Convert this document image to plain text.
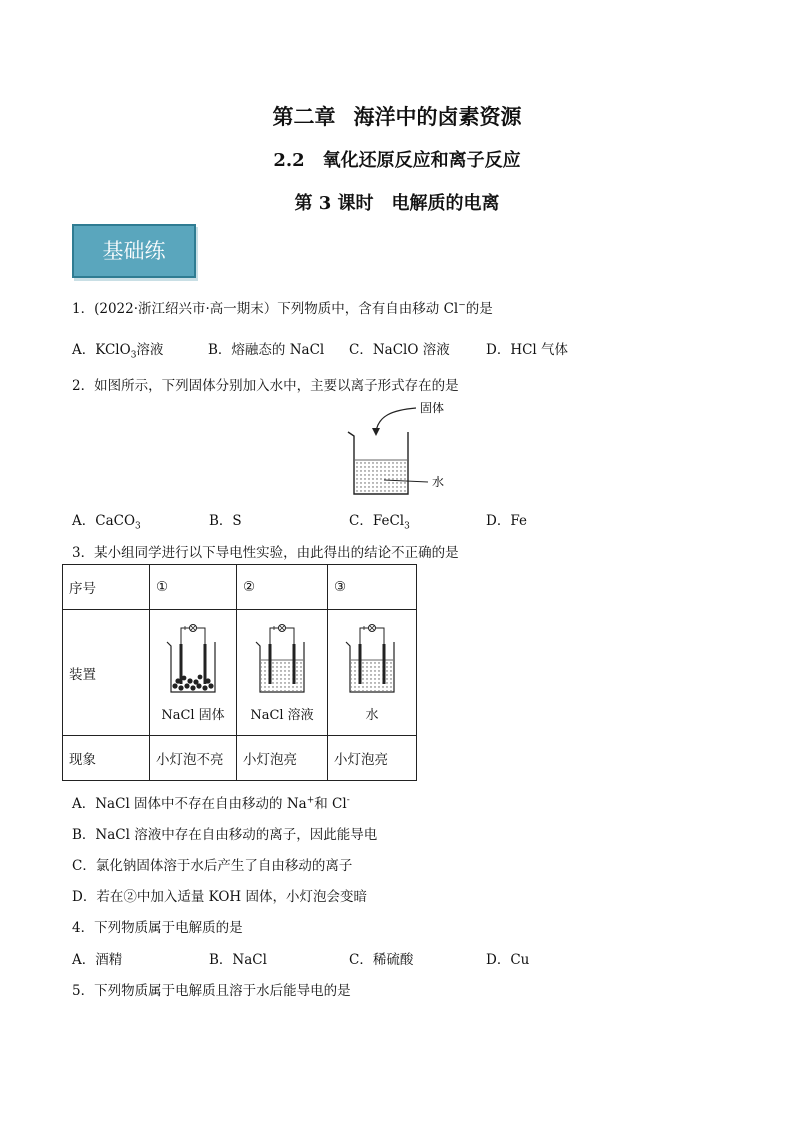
第二章 海洋中的卤素资源
2.2 氧化还原反应和离子反应
第 3 课时 电解质的电离
基础练
1．(2022·浙江绍兴市·高一期末）下列物质中，含有自由移动 Cl−的是
A．KClO$_3$溶液	B．熔融态的 NaCl C．NaClO 溶液	D．HCl 气体
2．如图所示，下列固体分别加入水中，主要以离子形式存在的是
固体
水
A．CaCO$_3$	B．S	C．FeCl$_3$	D．Fe
3．某小组同学进行以下导电性实验，由此得出的结论不正确的是
序号	①	②	③
装置	NaCl 固体	NaCl 溶液	水

现象	小灯泡不亮	小灯泡亮	小灯泡亮
A．NaCl 固体中不存在自由移动的 Na+和 Cl-
B．NaCl 溶液中存在自由移动的离子，因此能导电
C．氯化钠固体溶于水后产生了自由移动的离子
D．若在②中加入适量 KOH 固体，小灯泡会变暗
4．下列物质属于电解质的是
A．酒精	B．NaCl	C．稀硫酸	D．Cu
5．下列物质属于电解质且溶于水后能导电的是
